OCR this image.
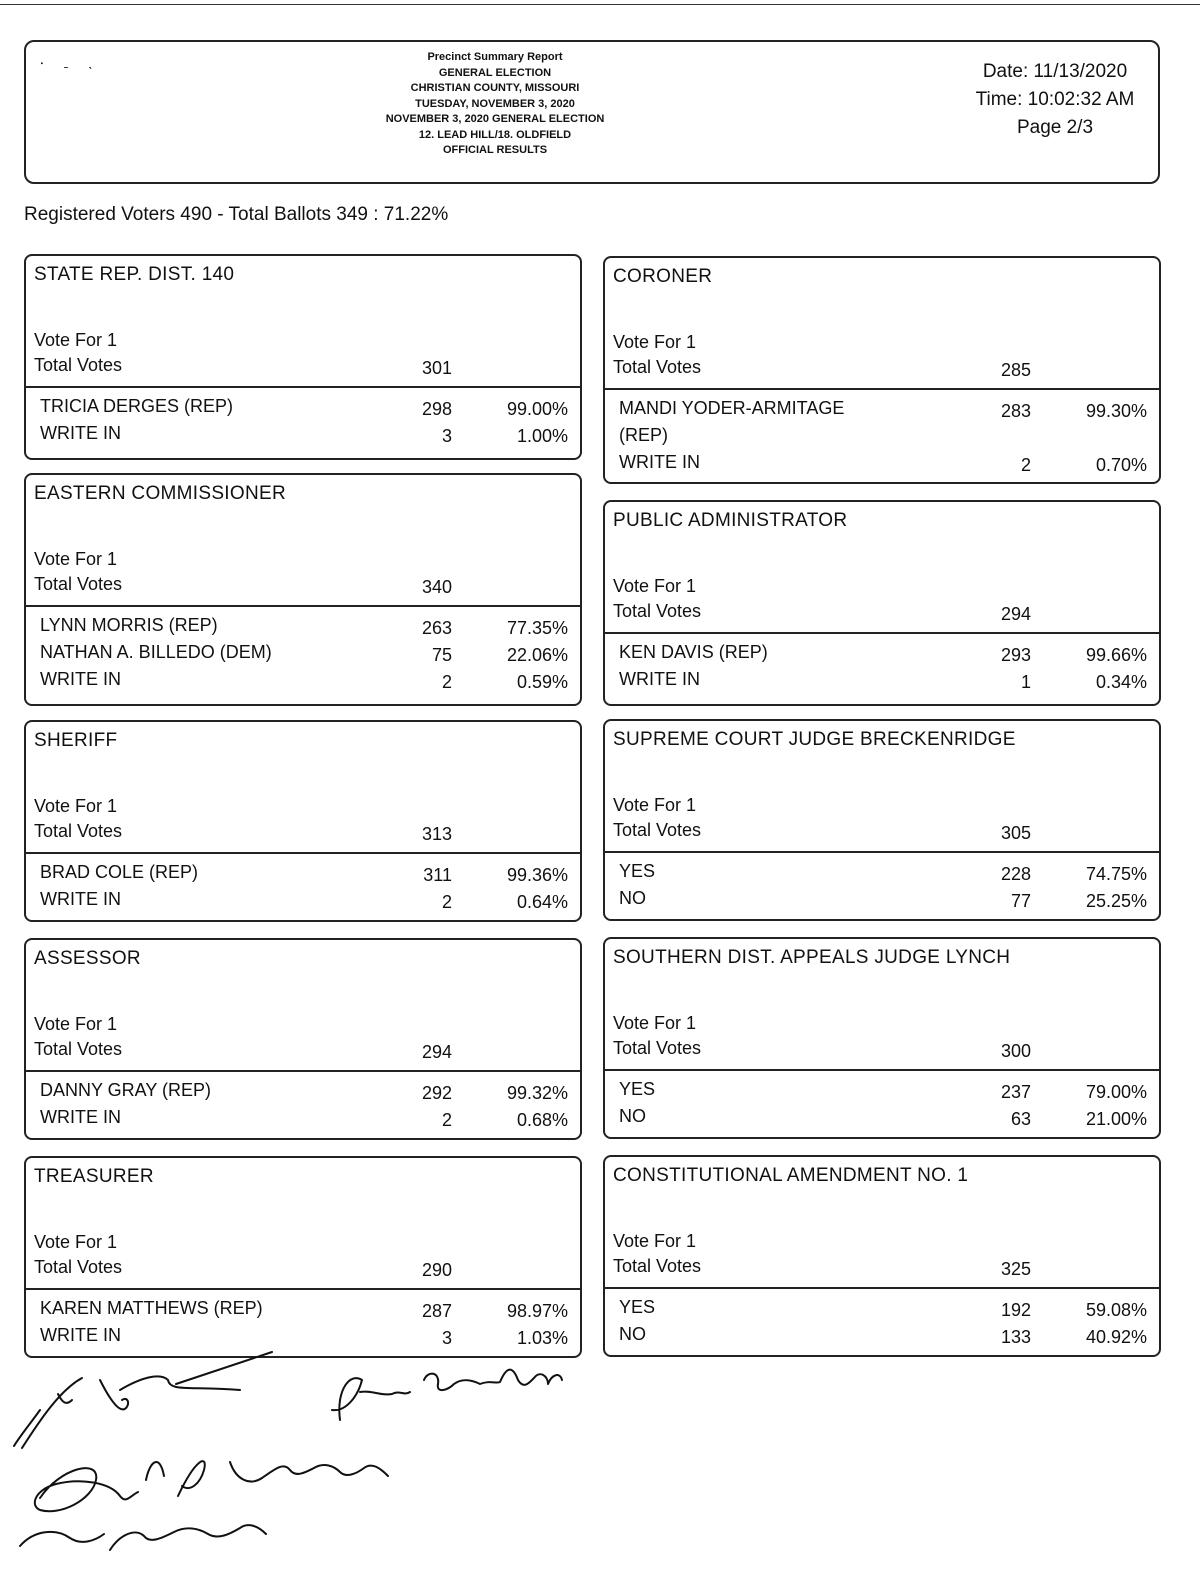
⸳ ˍ ˎ	Precinct Summary Report
GENERAL ELECTION
CHRISTIAN COUNTY, MISSOURI
TUESDAY, NOVEMBER 3, 2020
NOVEMBER 3, 2020 GENERAL ELECTION
12. LEAD HILL/18. OLDFIELD
OFFICIAL RESULTS
Date: 11/13/2020
Time: 10:02:32 AM
Page 2/3
Registered Voters 490 - Total Ballots 349 : 71.22%
STATE REP. DIST. 140
Vote For 1
Total Votes	301
TRICIA DERGES (REP)	298	99.00%
WRITE IN	3	1.00%
EASTERN COMMISSIONER
Vote For 1
Total Votes	340
LYNN MORRIS (REP)	263	77.35%
NATHAN A. BILLEDO (DEM)	75	22.06%
WRITE IN	2	0.59%
SHERIFF
Vote For 1
Total Votes	313
BRAD COLE (REP)	311	99.36%
WRITE IN	2	0.64%
ASSESSOR
Vote For 1
Total Votes	294
DANNY GRAY (REP)	292	99.32%
WRITE IN	2	0.68%
TREASURER
Vote For 1
Total Votes	290
KAREN MATTHEWS (REP)	287	98.97%
WRITE IN	3	1.03%
CORONER
Vote For 1
Total Votes	285
MANDI YODER-ARMITAGE	283	99.30%
(REP)
WRITE IN	2	0.70%
PUBLIC ADMINISTRATOR
Vote For 1
Total Votes	294
KEN DAVIS (REP)	293	99.66%
WRITE IN	1	0.34%
SUPREME COURT JUDGE BRECKENRIDGE
Vote For 1
Total Votes	305
YES	228	74.75%
NO	77	25.25%
SOUTHERN DIST. APPEALS JUDGE LYNCH
Vote For 1
Total Votes	300
YES	237	79.00%
NO	63	21.00%
CONSTITUTIONAL AMENDMENT NO. 1
Vote For 1
Total Votes	325
YES	192	59.08%
NO	133	40.92%
